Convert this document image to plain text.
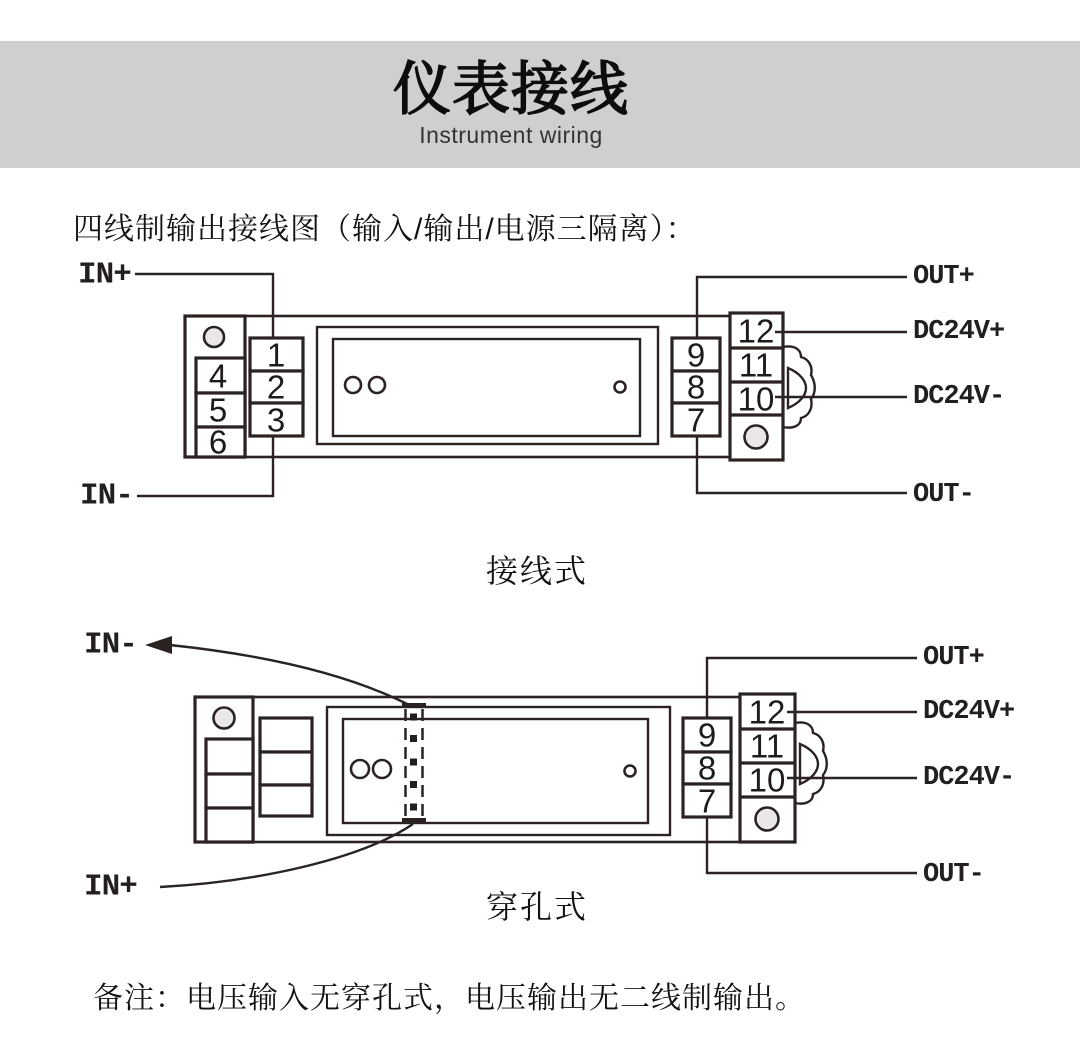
仪表接线
Instrument wiring
四线制输出接线图（输入/输出/电源三隔离）：
4
5
6
1
2
3
9
8
7
12
11
10
IN+
IN-
OUT+
DC24V+
DC24V-
OUT-
接线式
9
8
7
12
11
10
IN-
IN+
OUT+
DC24V+
DC24V-
OUT-
穿孔式
备注：电压输入无穿孔式，电压输出无二线制输出。
